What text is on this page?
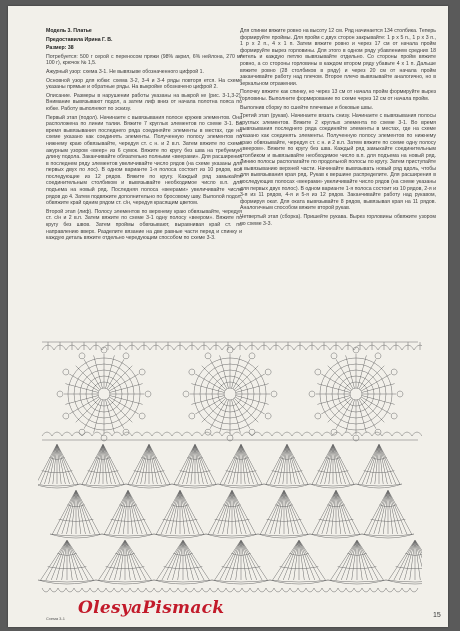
Модель 3. Платье

Предоставила Ирина Г. В.

Размер: 38

Потребуется: 500 г серой с переносом пряжи (98% акрил, 6% нейлона, 270 м/ 100 г), крючок № 1,5.

Ажурный узор: схема 3-1. Не вывязыве обозначенного цифрой 1.

Основной узор для юбки: схема 3-2, 3-4 и 3-4 ряды повторя ется. На схеме указаны прямые и обратные ряды. На выкройке обозначено цифрой 2.

Описание. Размеры в нарушении работы указаны на выкрой ке (рис. 3-1,3-2). Внимание вывязывают подол, а затем лиф вниз от начала полотна пояса по юбке. Работу выполняют по эскизу.

Первый этап (подол). Начинаете с вывязывания полосе кружев элементов. Она расположена по линии талии. Вяжите 7 круглых элементов по схеме 3-1. Во время вывязывания последнего ряда соединяйте элементы в местах, где на схеме указано как соединять элементы. Полученную полосу элементов по нижнему краю обвязывайте, чередуя ст. с н. и 2 в.п. Затем вяжите по схеме ажурным узором «веер» из 6 сумок. Вяжите по кругу без шва на требуемую длину подола. Заканчивайте обязательно полными «веерами». Для расширения в последнем ряду элементов увеличивайте число рядов (на схеме указаны для первых двух по лос). В одном варианте 1-я полоса состоит из 10 рядов, все последующие из 12 рядов. Вяжите по кругу. Каждый ряд замыкайте соединительным столбиком и вывязывайте необходимое число в.п. для подъема на новый ряд. Последняя полоса «веерами» увеличивайте число рядов до 4. Затем подвяжите дополнительно по бросовому шву. Выполой подол, обвяжите край одним рядом ст. с/н, чередуя красящим цветом.

Второй этап (лиф). Полосу элементов по верхнему краю обвязывайте, чередуя ст. с/н и 2 в.п. Затем вяжите по схеме 3-1 одну полосу «веером». Вяжите по кругу без швов. Затем проймы обвязывают, выравнивая край ст. по направлению вверх. Разделите вязание на две равные части перед и спинку и каждую деталь вяжите отдельно чередующим способом по схеме 3-3.

Для спинки вяжите ровно на высоту 12 см. Ряд начинается 134 столбика. Теперь формируйте проймы. Для пройм с двух сторон закрывайте: 1 р х 5 п., 1 р х 3 п., 1 р х 2 п., 4 х 1 п. Затем вяжите ровно и через 17 см от начала пройм формируйте вырез горловины. Для этого в одном ряду убавлением средних 18 петель и каждую петлю вывязывайте отдельно. Со стороны пройм вяжите ровно, а со стороны горловины в каждом втором ряду убавьте 4 х 1 п. Дальше вяжите ровно (28 столбиков в ряду) и через 20 см от начала пройм заканчивайте работу над плечом. Второе плечо вывязывайте аналогично, но в зеркальном отражении.

Полочку вяжите как спинку, но через 13 см от начала пройм формируйте вырез горловины. Выполните формирование по схеме через 12 см от начала пройм.

Выполнив сборку по сшейте плечевые и боковые швы.

Третий этап (рукав). Начинаете вязать снизу. Начинаете с вывязывания полосы круглых элементов. Вяжите 2 круглых элемента по схеме 3-1. Во время вывязывания последнего ряда соединяйте элементы в местах, где на схеме указано как соединять элементы. Полученную полосу элементов по нижнему краю обвязывайте, чередуя ст. с н. и 2 в.п. Затем вяжите по схеме одну полосу «веером». Вяжите по кругу без шва. Каждый ряд замыкайте соединительным столбиком и вывязывайте необходимое число в.п. для подъема на новый ряд. Линию полосы располагайте по продольной полосы по кругу. Затем приступайте к вывязыванию верхней части. Начинайте вывязывать новый ряд вдоль, чтобы для вывязывания края ряд. Рукав к вершине распределите. Для расширения в последующих полосах «веерами» увеличивайте число рядов (на схеме указаны для первых двух полос). В одном варианте 1-я полоса состоит из 10 рядов, 2-я и 3-я из 11 рядов, 4-я и 5-я из 12 рядов. Заканчивайте работу над рукавом, формируя окат. Для оката вывязывайте 8 рядов, вывязывая края на 11 рядов. Аналогичным способом вяжите второй рукав.

Четвертый этап (сборка). Пришейте рукава. Вырез горловины обвяжите узором по схеме 3-3.

Схема 3-1
OlesyaPismack	15
